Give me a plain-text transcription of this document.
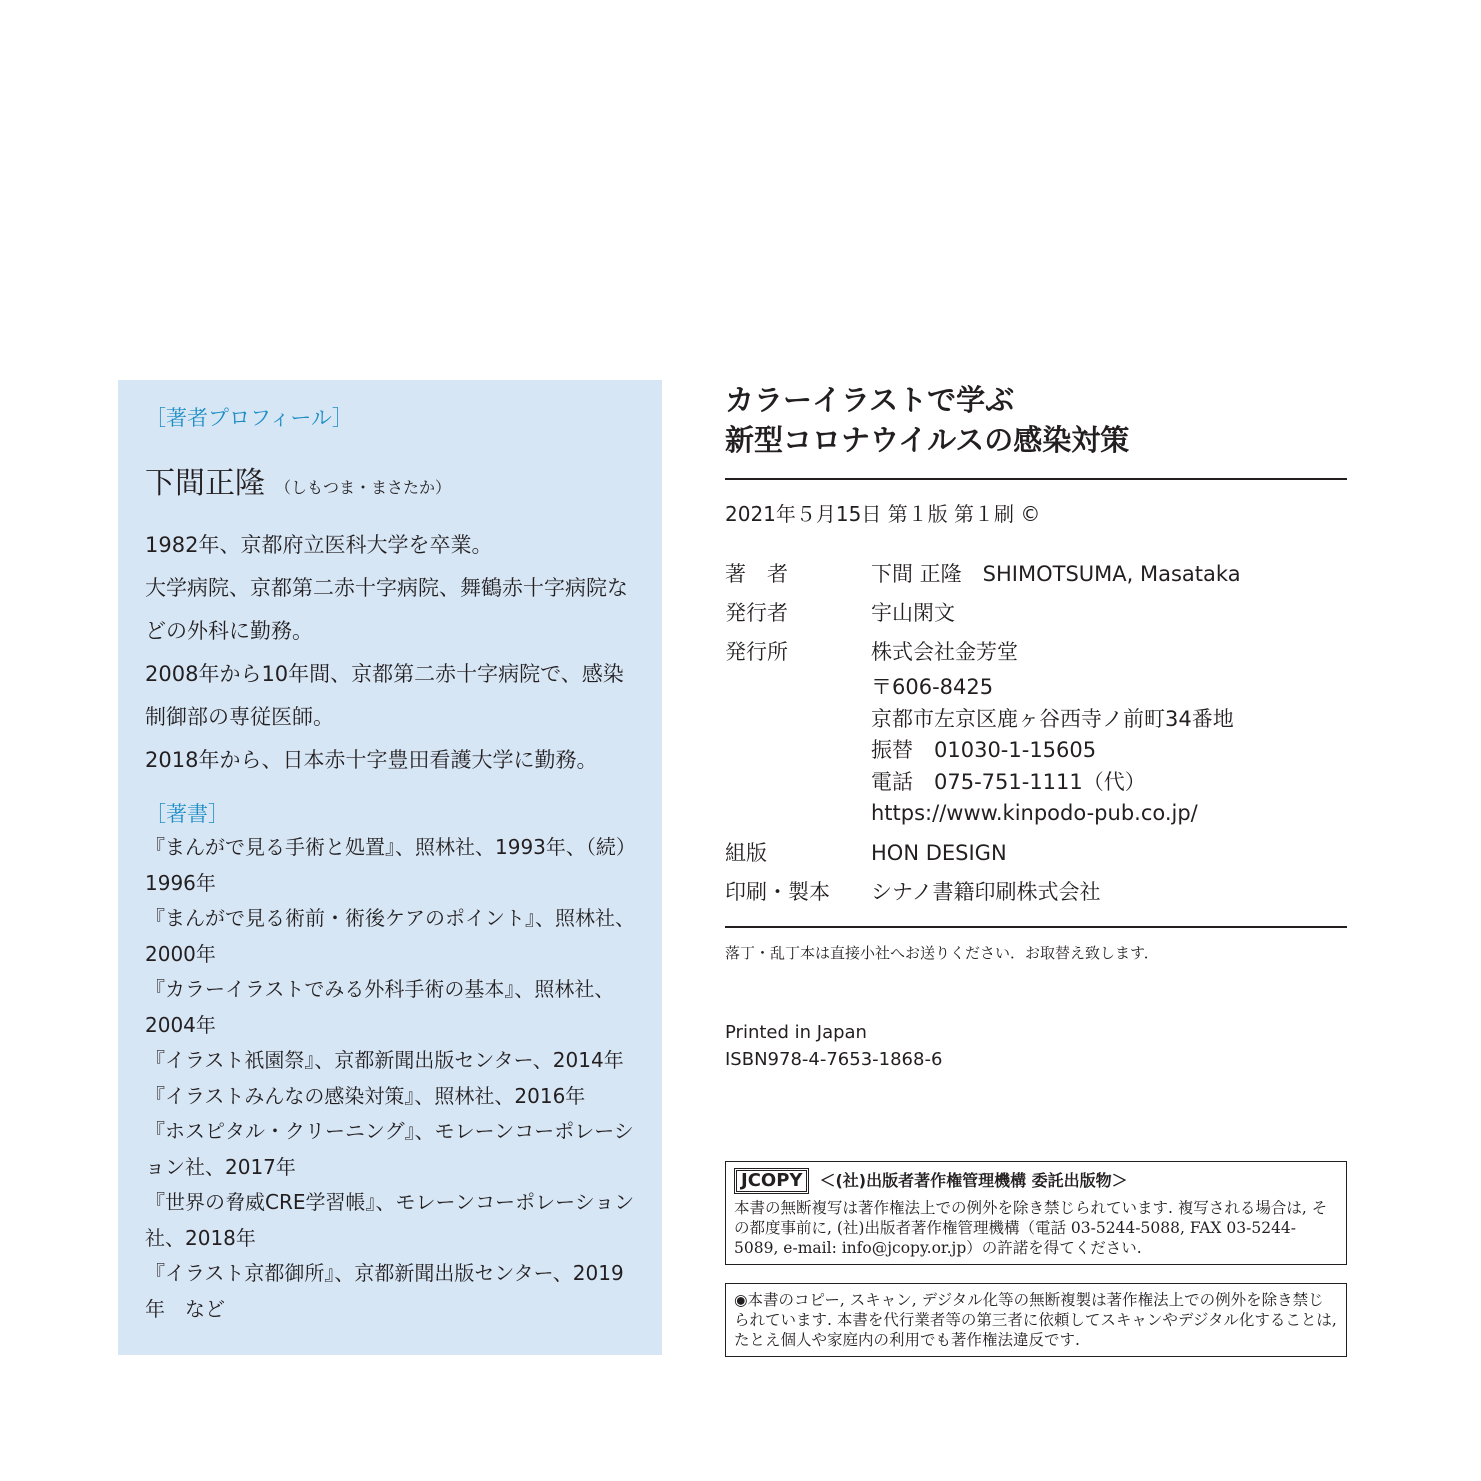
［著者プロフィール］
下間正隆 （しもつま・まさたか）
1982年、京都府立医科大学を卒業。
大学病院、京都第二赤十字病院、舞鶴赤十字病院などの外科に勤務。
2008年から10年間、京都第二赤十字病院で、感染制御部の専従医師。
2018年から、日本赤十字豊田看護大学に勤務。
［著書］
『まんがで見る手術と処置』、照林社、1993年、（続）1996年
『まんがで見る術前・術後ケアのポイント』、照林社、2000年
『カラーイラストでみる外科手術の基本』、照林社、2004年
『イラスト祇園祭』、京都新聞出版センター、2014年
『イラストみんなの感染対策』、照林社、2016年
『ホスピタル・クリーニング』、モレーンコーポレーション社、2017年
『世界の脅威CRE学習帳』、モレーンコーポレーション社、2018年
『イラスト京都御所』、京都新聞出版センター、2019年　など
カラーイラストで学ぶ
新型コロナウイルスの感染対策
2021年５月15日 第１版 第１刷 ©
著　者	下間 正隆　SHIMOTSUMA, Masataka
発行者	宇山閑文
発行所	株式会社金芳堂
〒606-8425
京都市左京区鹿ヶ谷西寺ノ前町34番地
振替　01030-1-15605
電話　075-751-1111（代）
https://www.kinpodo-pub.co.jp/
組版	HON DESIGN
印刷・製本	シナノ書籍印刷株式会社
落丁・乱丁本は直接小社へお送りください．お取替え致します．
Printed in Japan
ISBN978-4-7653-1868-6
JCOPY	＜(社)出版者著作権管理機構 委託出版物＞
本書の無断複写は著作権法上での例外を除き禁じられています. 複写される場合は, その都度事前に, (社)出版者著作権管理機構（電話 03-5244-5088, FAX 03-5244-5089, e-mail: info@jcopy.or.jp）の許諾を得てください.
◉本書のコピー, スキャン, デジタル化等の無断複製は著作権法上での例外を除き禁じられています. 本書を代行業者等の第三者に依頼してスキャンやデジタル化することは, たとえ個人や家庭内の利用でも著作権法違反です.
